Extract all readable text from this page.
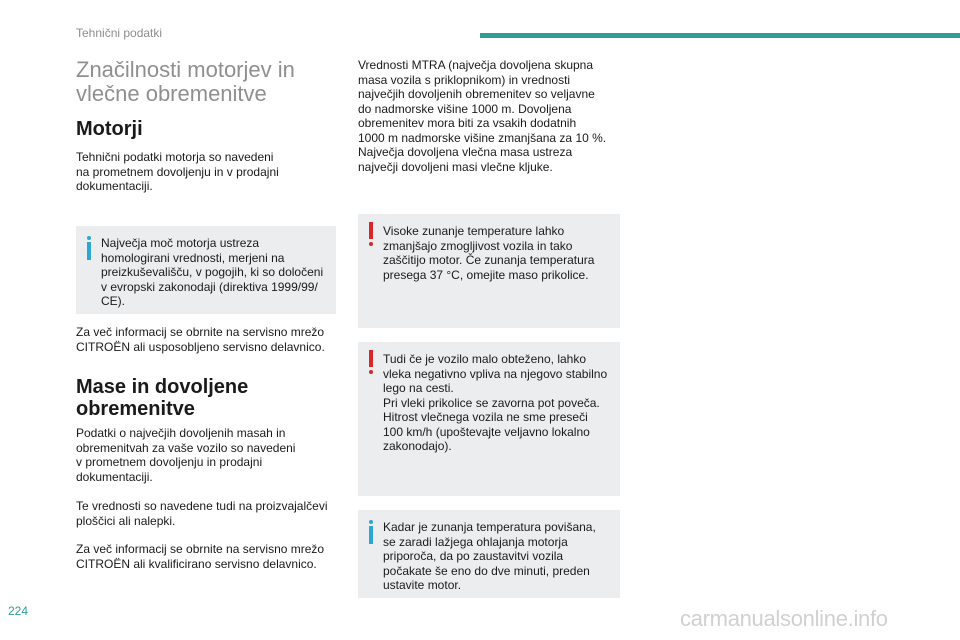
Tehnični podatki
Značilnosti motorjev in
vlečne obremenitve
Motorji
Tehnični podatki motorja so navedeni
na prometnem dovoljenju in v prodajni
dokumentaciji.
Največja moč motorja ustreza
homologirani vrednosti, merjeni na
preizkuševališču, v pogojih, ki so določeni
v evropski zakonodaji (direktiva 1999/99/
CE).
Za več informacij se obrnite na servisno mrežo
CITROËN ali usposobljeno servisno delavnico.
Mase in dovoljene
obremenitve
Podatki o največjih dovoljenih masah in
obremenitvah za vaše vozilo so navedeni
v prometnem dovoljenju in prodajni
dokumentaciji.
Te vrednosti so navedene tudi na proizvajalčevi
ploščici ali nalepki.
Za več informacij se obrnite na servisno mrežo
CITROËN ali kvalificirano servisno delavnico.
Vrednosti MTRA (največja dovoljena skupna
masa vozila s priklopnikom) in vrednosti
največjih dovoljenih obremenitev so veljavne
do nadmorske višine 1000 m. Dovoljena
obremenitev mora biti za vsakih dodatnih
1000 m nadmorske višine zmanjšana za 10 %.
Največja dovoljena vlečna masa ustreza
največji dovoljeni masi vlečne kljuke.
Visoke zunanje temperature lahko
zmanjšajo zmogljivost vozila in tako
zaščitijo motor. Če zunanja temperatura
presega 37 °C, omejite maso prikolice.
Tudi če je vozilo malo obteženo, lahko
vleka negativno vpliva na njegovo stabilno
lego na cesti.
Pri vleki prikolice se zavorna pot poveča.
Hitrost vlečnega vozila ne sme preseči
100 km/h (upoštevajte veljavno lokalno
zakonodajo).
Kadar je zunanja temperatura povišana,
se zaradi lažjega ohlajanja motorja
priporoča, da po zaustavitvi vozila
počakate še eno do dve minuti, preden
ustavite motor.
224	carmanualsonline.info
